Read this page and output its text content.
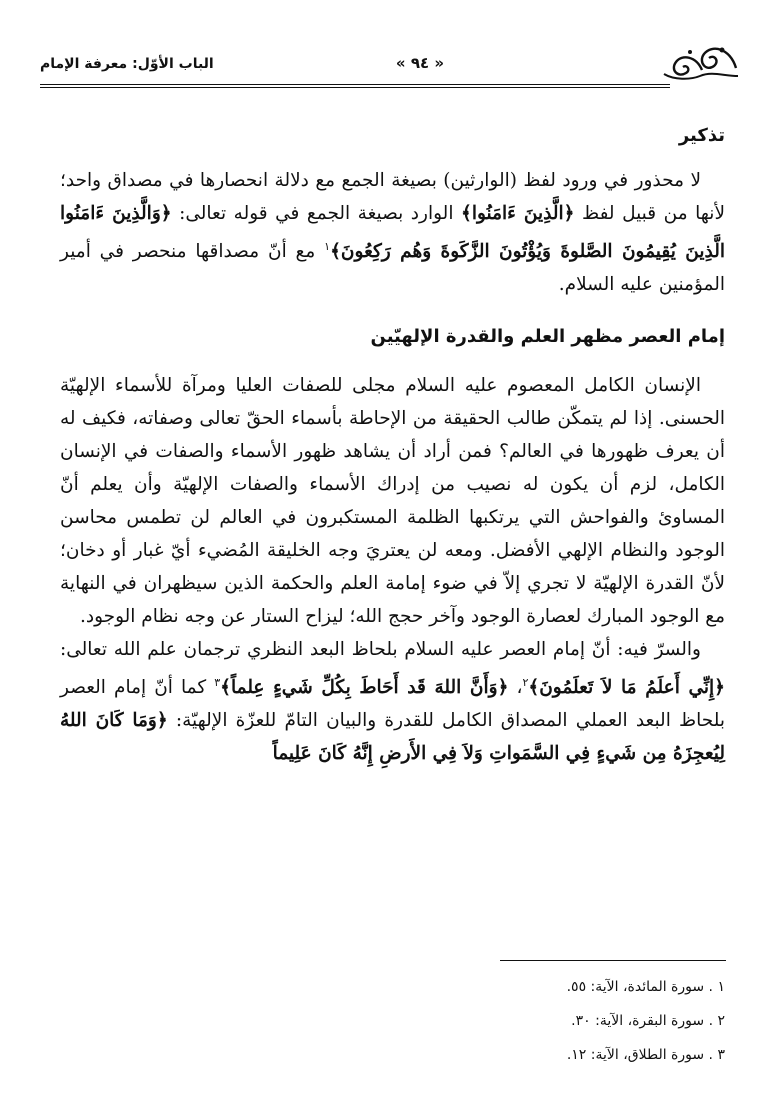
« ٩٤ »
الباب الأوّل: معرفة الإمام
تذكير

لا محذور في ورود لفظ (الوارثين) بصيغة الجمع مع دلالة انحصارها في مصداق واحد؛ لأنها من قبيل لفظ ﴿الَّذِينَ ءَامَنُوا﴾ الوارد بصيغة الجمع في قوله تعالى: ﴿وَالَّذِينَ ءَامَنُوا الَّذِينَ يُقِيمُونَ الصَّلوةَ وَيُؤْتُونَ الزَّكَوةَ وَهُم رَكِعُونَ﴾$^١$ مع أنّ مصداقها منحصر في أمير المؤمنين عليه السلام.

إمام العصر مظهر العلم والقدرة الإلهيّين

الإنسان الكامل المعصوم عليه السلام مجلى للصفات العليا ومرآة للأسماء الإلهيّة الحسنى. إذا لم يتمكّن طالب الحقيقة من الإحاطة بأسماء الحقّ تعالى وصفاته، فكيف له أن يعرف ظهورها في العالم؟ فمن أراد أن يشاهد ظهور الأسماء والصفات في الإنسان الكامل، لزم أن يكون له نصيب من إدراك الأسماء والصفات الإلهيّة وأن يعلم أنّ المساوئ والفواحش التي يرتكبها الظلمة المستكبرون في العالم لن تطمس محاسن الوجود والنظام الإلهي الأفضل. ومعه لن يعتريَ وجه الخليقة المُضيء أيّ غبار أو دخان؛ لأنّ القدرة الإلهيّة لا تجري إلاّ في ضوء إمامة العلم والحكمة الذين سيظهران في النهاية مع الوجود المبارك لعصارة الوجود وآخر حجج الله؛ ليزاح الستار عن وجه نظام الوجود.

والسرّ فيه: أنّ إمام العصر عليه السلام بلحاظ البعد النظري ترجمان علم الله تعالى: ﴿إِنِّي أَعلَمُ مَا لاَ تَعلَمُونَ﴾$^٢$، ﴿وَأَنَّ اللهَ قَد أَحَاطَ بِكُلِّ شَيءٍ عِلماً﴾$^٣$ كما أنّ إمام العصر بلحاظ البعد العملي المصداق الكامل للقدرة والبيان التامّ للعزّة الإلهيّة: ﴿وَمَا كَانَ اللهُ لِيُعجِزَهُ مِن شَيءٍ فِي السَّمَواتِ وَلاَ فِي الأَرضِ إِنَّهُ كَانَ عَلِيماً

١ . سورة المائدة، الآية: ٥٥.
٢ . سورة البقرة، الآية: ٣٠.
٣ . سورة الطلاق، الآية: ١٢.
